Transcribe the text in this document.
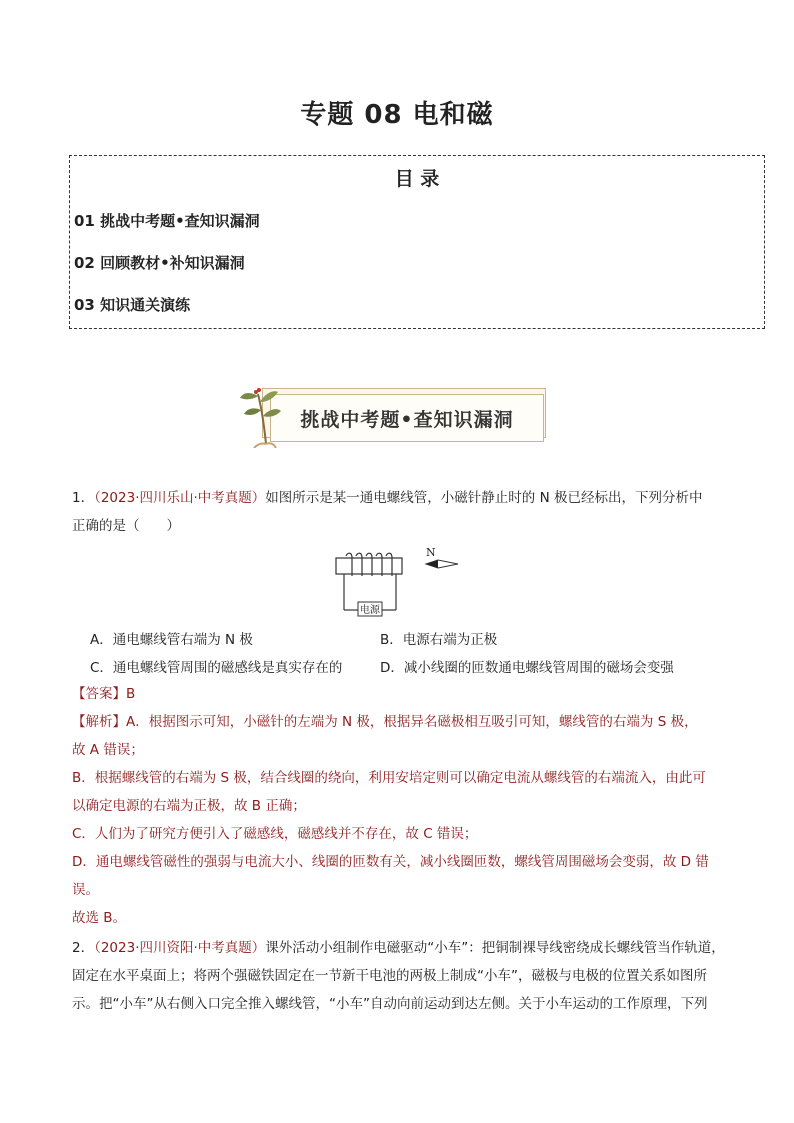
专题 08 电和磁
目 录
01 挑战中考题•查知识漏洞
02 回顾教材•补知识漏洞
03 知识通关演练
挑战中考题•查知识漏洞
1．（2023·四川乐山·中考真题）如图所示是某一通电螺线管，小磁针静止时的 N 极已经标出，下列分析中
正确的是（　　）
电源
N
A．通电螺线管右端为 N 极	B．电源右端为正极
C．通电螺线管周围的磁感线是真实存在的	D．减小线圈的匝数通电螺线管周围的磁场会变强
【答案】B
【解析】A．根据图示可知，小磁针的左端为 N 极，根据异名磁极相互吸引可知，螺线管的右端为 S 极，
故 A 错误；
B．根据螺线管的右端为 S 极，结合线圈的绕向，利用安培定则可以确定电流从螺线管的右端流入，由此可
以确定电源的右端为正极，故 B 正确；
C．人们为了研究方便引入了磁感线，磁感线并不存在，故 C 错误；
D．通电螺线管磁性的强弱与电流大小、线圈的匝数有关，减小线圈匝数，螺线管周围磁场会变弱，故 D 错
误。
故选 B。
2．（2023·四川资阳·中考真题）课外活动小组制作电磁驱动“小车”：把铜制裸导线密绕成长螺线管当作轨道，
固定在水平桌面上；将两个强磁铁固定在一节新干电池的两极上制成“小车”，磁极与电极的位置关系如图所
示。把“小车”从右侧入口完全推入螺线管，“小车”自动向前运动到达左侧。关于小车运动的工作原理，下列
